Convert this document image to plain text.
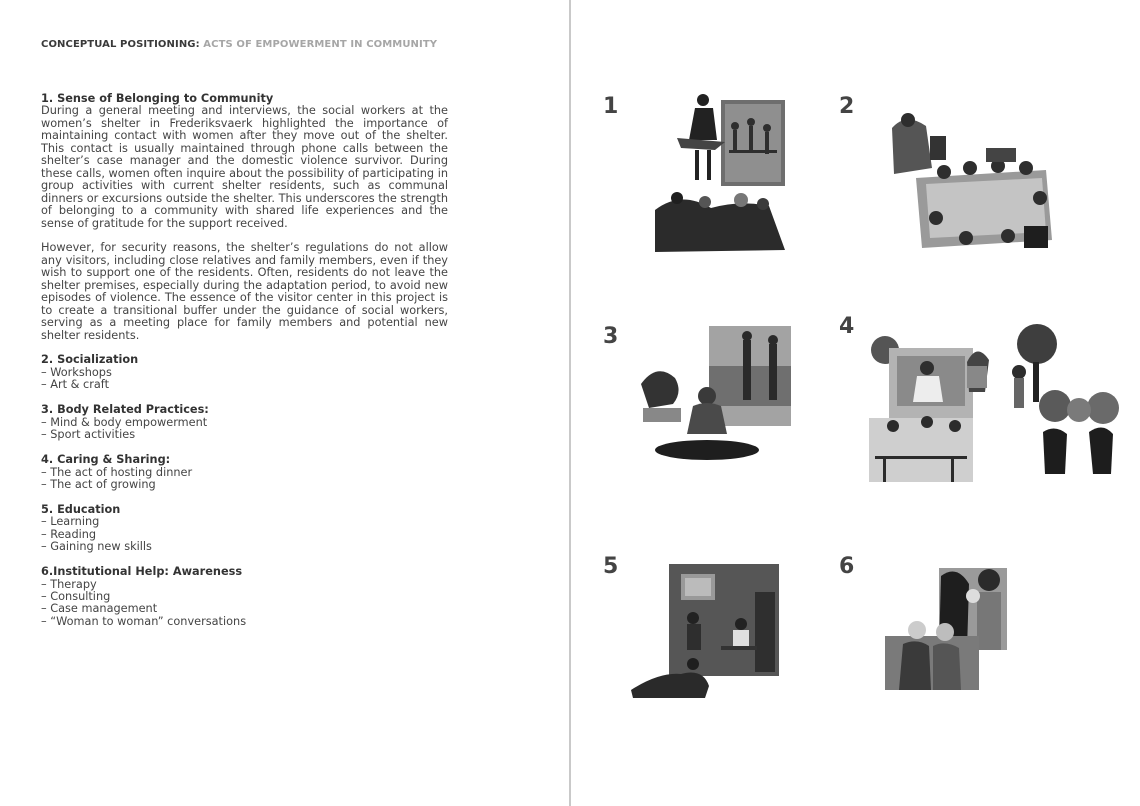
CONCEPTUAL POSITIONING: ACTS OF EMPOWERMENT IN COMMUNITY
1. Sense of Belonging to Community

During a general meeting and interviews, the social workers at the women’s shelter in Frederiksvaerk highlighted the importance of maintaining contact with women after they move out of the shelter. This contact is usually maintained through phone calls between the shelter’s case manager and the domestic violence survivor. During these calls, women often inquire about the possibility of participating in group activities with current shelter residents, such as communal dinners or excursions outside the shelter. This underscores the strength of belonging to a community with shared life experiences and the sense of gratitude for the support received.

However, for security reasons, the shelter’s regulations do not allow any visitors, including close relatives and family members, even if they wish to support one of the residents. Often, residents do not leave the shelter premises, especially during the adaptation period, to avoid new episodes of violence. The essence of the visitor center in this project is to create a transitional buffer under the guidance of social workers, serving as a meeting place for family members and potential new shelter residents.

2. Socialization
– Workshops
– Art & craft
3. Body Related Practices:
– Mind & body empowerment
– Sport activities
4. Caring & Sharing:
– The act of hosting dinner
– The act of growing
5. Education
– Learning
– Reading
– Gaining new skills
6.Institutional Help: Awareness
– Therapy
– Consulting
– Case management
– “Woman to woman” conversations
1	2
3	4
5	6
